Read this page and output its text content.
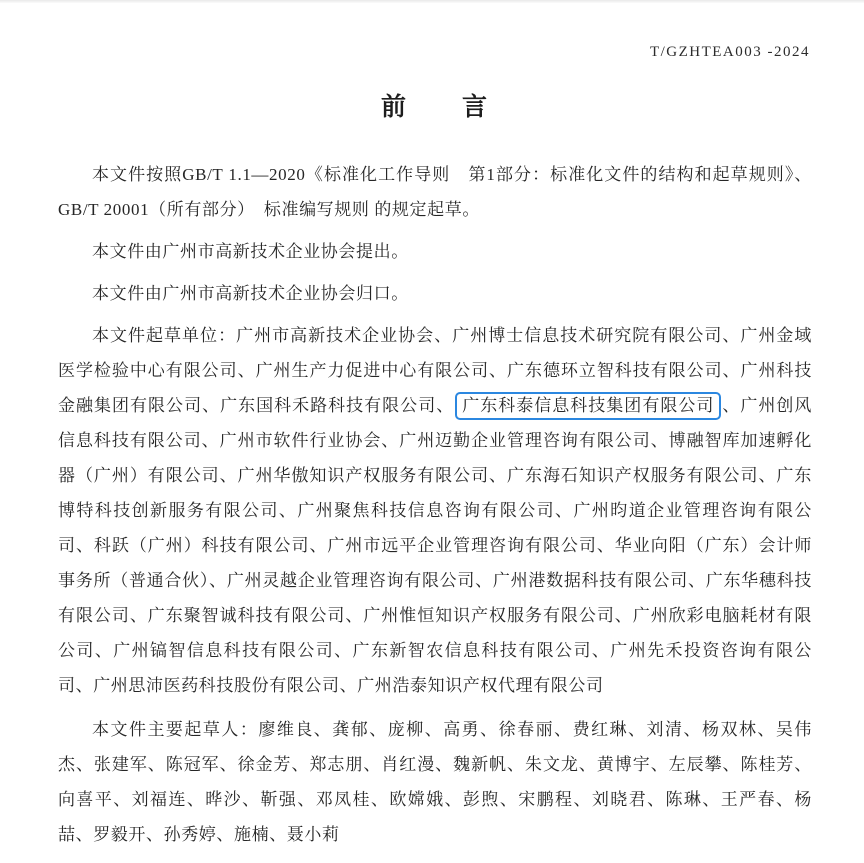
T/GZHTEA003 -2024
前　　言

本文件按照GB/T 1.1—2020《标准化工作导则　第1部分：标准化文件的结构和起草规则》、GB/T 20001（所有部分）　标准编写规则 的规定起草。

本文件由广州市高新技术企业协会提出。

本文件由广州市高新技术企业协会归口。

本文件起草单位：广州市高新技术企业协会、广州博士信息技术研究院有限公司、广州金域医学检验中心有限公司、广州生产力促进中心有限公司、广东德环立智科技有限公司、广州科技金融集团有限公司、广东国科禾路科技有限公司、 广东科泰信息科技集团有限公司 、广州创风信息科技有限公司、广州市软件行业协会、广州迈勤企业管理咨询有限公司、博融智库加速孵化器（广州）有限公司、广州华傲知识产权服务有限公司、广东海石知识产权服务有限公司、广东博特科技创新服务有限公司、广州聚焦科技信息咨询有限公司、广州昀道企业管理咨询有限公司、科跃（广州）科技有限公司、广州市远平企业管理咨询有限公司、华业向阳（广东）会计师事务所（普通合伙）、广州灵越企业管理咨询有限公司、广州港数据科技有限公司、广东华穗科技有限公司、广东聚智诚科技有限公司、广州惟恒知识产权服务有限公司、广州欣彩电脑耗材有限公司、广州镐智信息科技有限公司、广东新智农信息科技有限公司、广州先禾投资咨询有限公司、广州思沛医药科技股份有限公司、广州浩泰知识产权代理有限公司

本文件主要起草人：廖维良、龚郁、庞柳、高勇、徐春丽、费红琳、刘清、杨双林、吴伟杰、张建军、陈冠军、徐金芳、郑志朋、肖红漫、魏新帆、朱文龙、黄博宇、左辰攀、陈桂芳、向喜平、刘福连、晔沙、靳强、邓凤桂、欧嫦娥、彭煦、宋鹏程、刘晓君、陈琳、王严春、杨喆、罗毅开、孙秀婷、施楠、聂小莉
